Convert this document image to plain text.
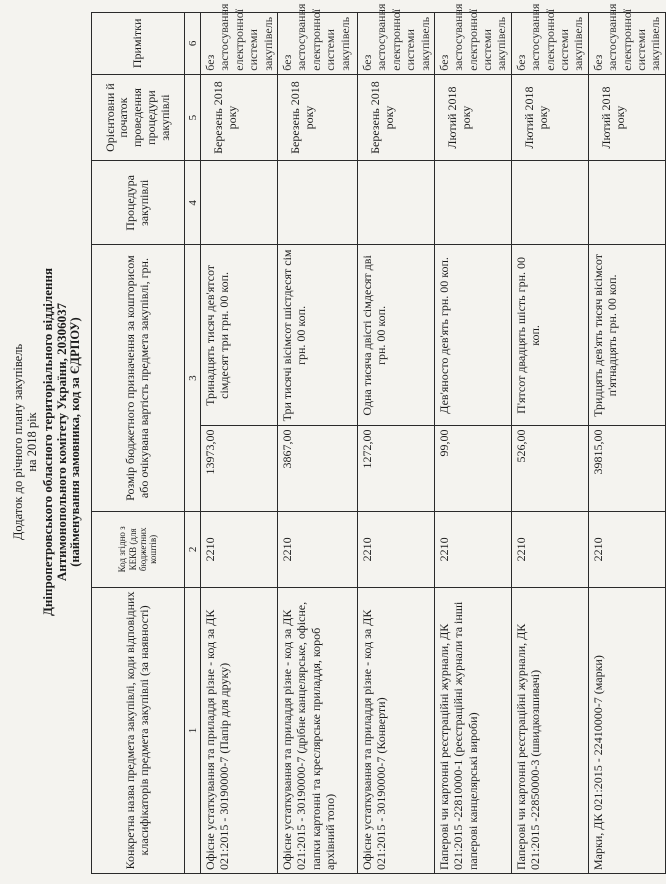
Додаток до річного плану закупівель на 2018 рік Дніпропетровського обласного територіального відділення Антимонопольного комітету України, 20306037 (найменування замовника, код за ЄДРПОУ)
Конкретна назва предмета закупівлі, коди відповідних класифікаторів предмета закупівлі (за наявності)	Код згідно з КЕКВ (для бюджетних коштів)	Розмір бюджетного призначення за кошторисом або очікувана вартість предмета закупівлі, грн.		Процедура закупівлі	Орієнтовни й початок проведення процедури закупівлі	Примітки
1	2	3		4	5	6
Офісне устаткування та приладдя різне - код за ДК 021:2015 - 30190000-7 (Папір для друку)	2210	13973,00	Тринадцять тисяч дев'ятсот сімдесят три грн. 00 коп.		Березень 2018 року	без застосування електронної системи закупівель
Офісне устаткування та приладдя різне - код за ДК 021:2015 - 30190000-7 (дрібне канцелярське, офісне, папки картонні та креслярське приладдя, короб архівний топо)	2210	3867,00	Три тисячі вісімсот шістдесят сім грн. 00 коп.		Березень 2018 року	без застосування електронної системи закупівель
Офісне устаткування та приладдя різне - код за ДК 021:2015 - 30190000-7 (Конверти)	2210	1272,00	Одна тисяча двісті сімдесят дві грн. 00 коп.		Березень 2018 року	без застосування електронної системи закупівель
Паперові чи картонні реєстраційні журнали, ДК 021:2015 -22810000-1 (реєстраційні журнали та інші паперові канцелярські вироби)	2210	99,00	Дев'яносто дев'ять грн. 00 коп.		Лютий 2018 року	без застосування електронної системи закупівель
Паперові чи картонні реєстраційні журнали, ДК 021:2015 -22850000-3 (швидкозшивачі)	2210	526,00	П'ятсот двадцять шість грн. 00 коп.		Лютий 2018 року	без застосування електронної системи закупівель
Марки, ДК 021:2015 - 22410000-7 (марки)	2210	39815,00	Тридцять дев'ять тисяч вісімсот п'ятнадцять грн. 00 коп.		Лютий 2018 року	без застосування електронної системи закупівель
